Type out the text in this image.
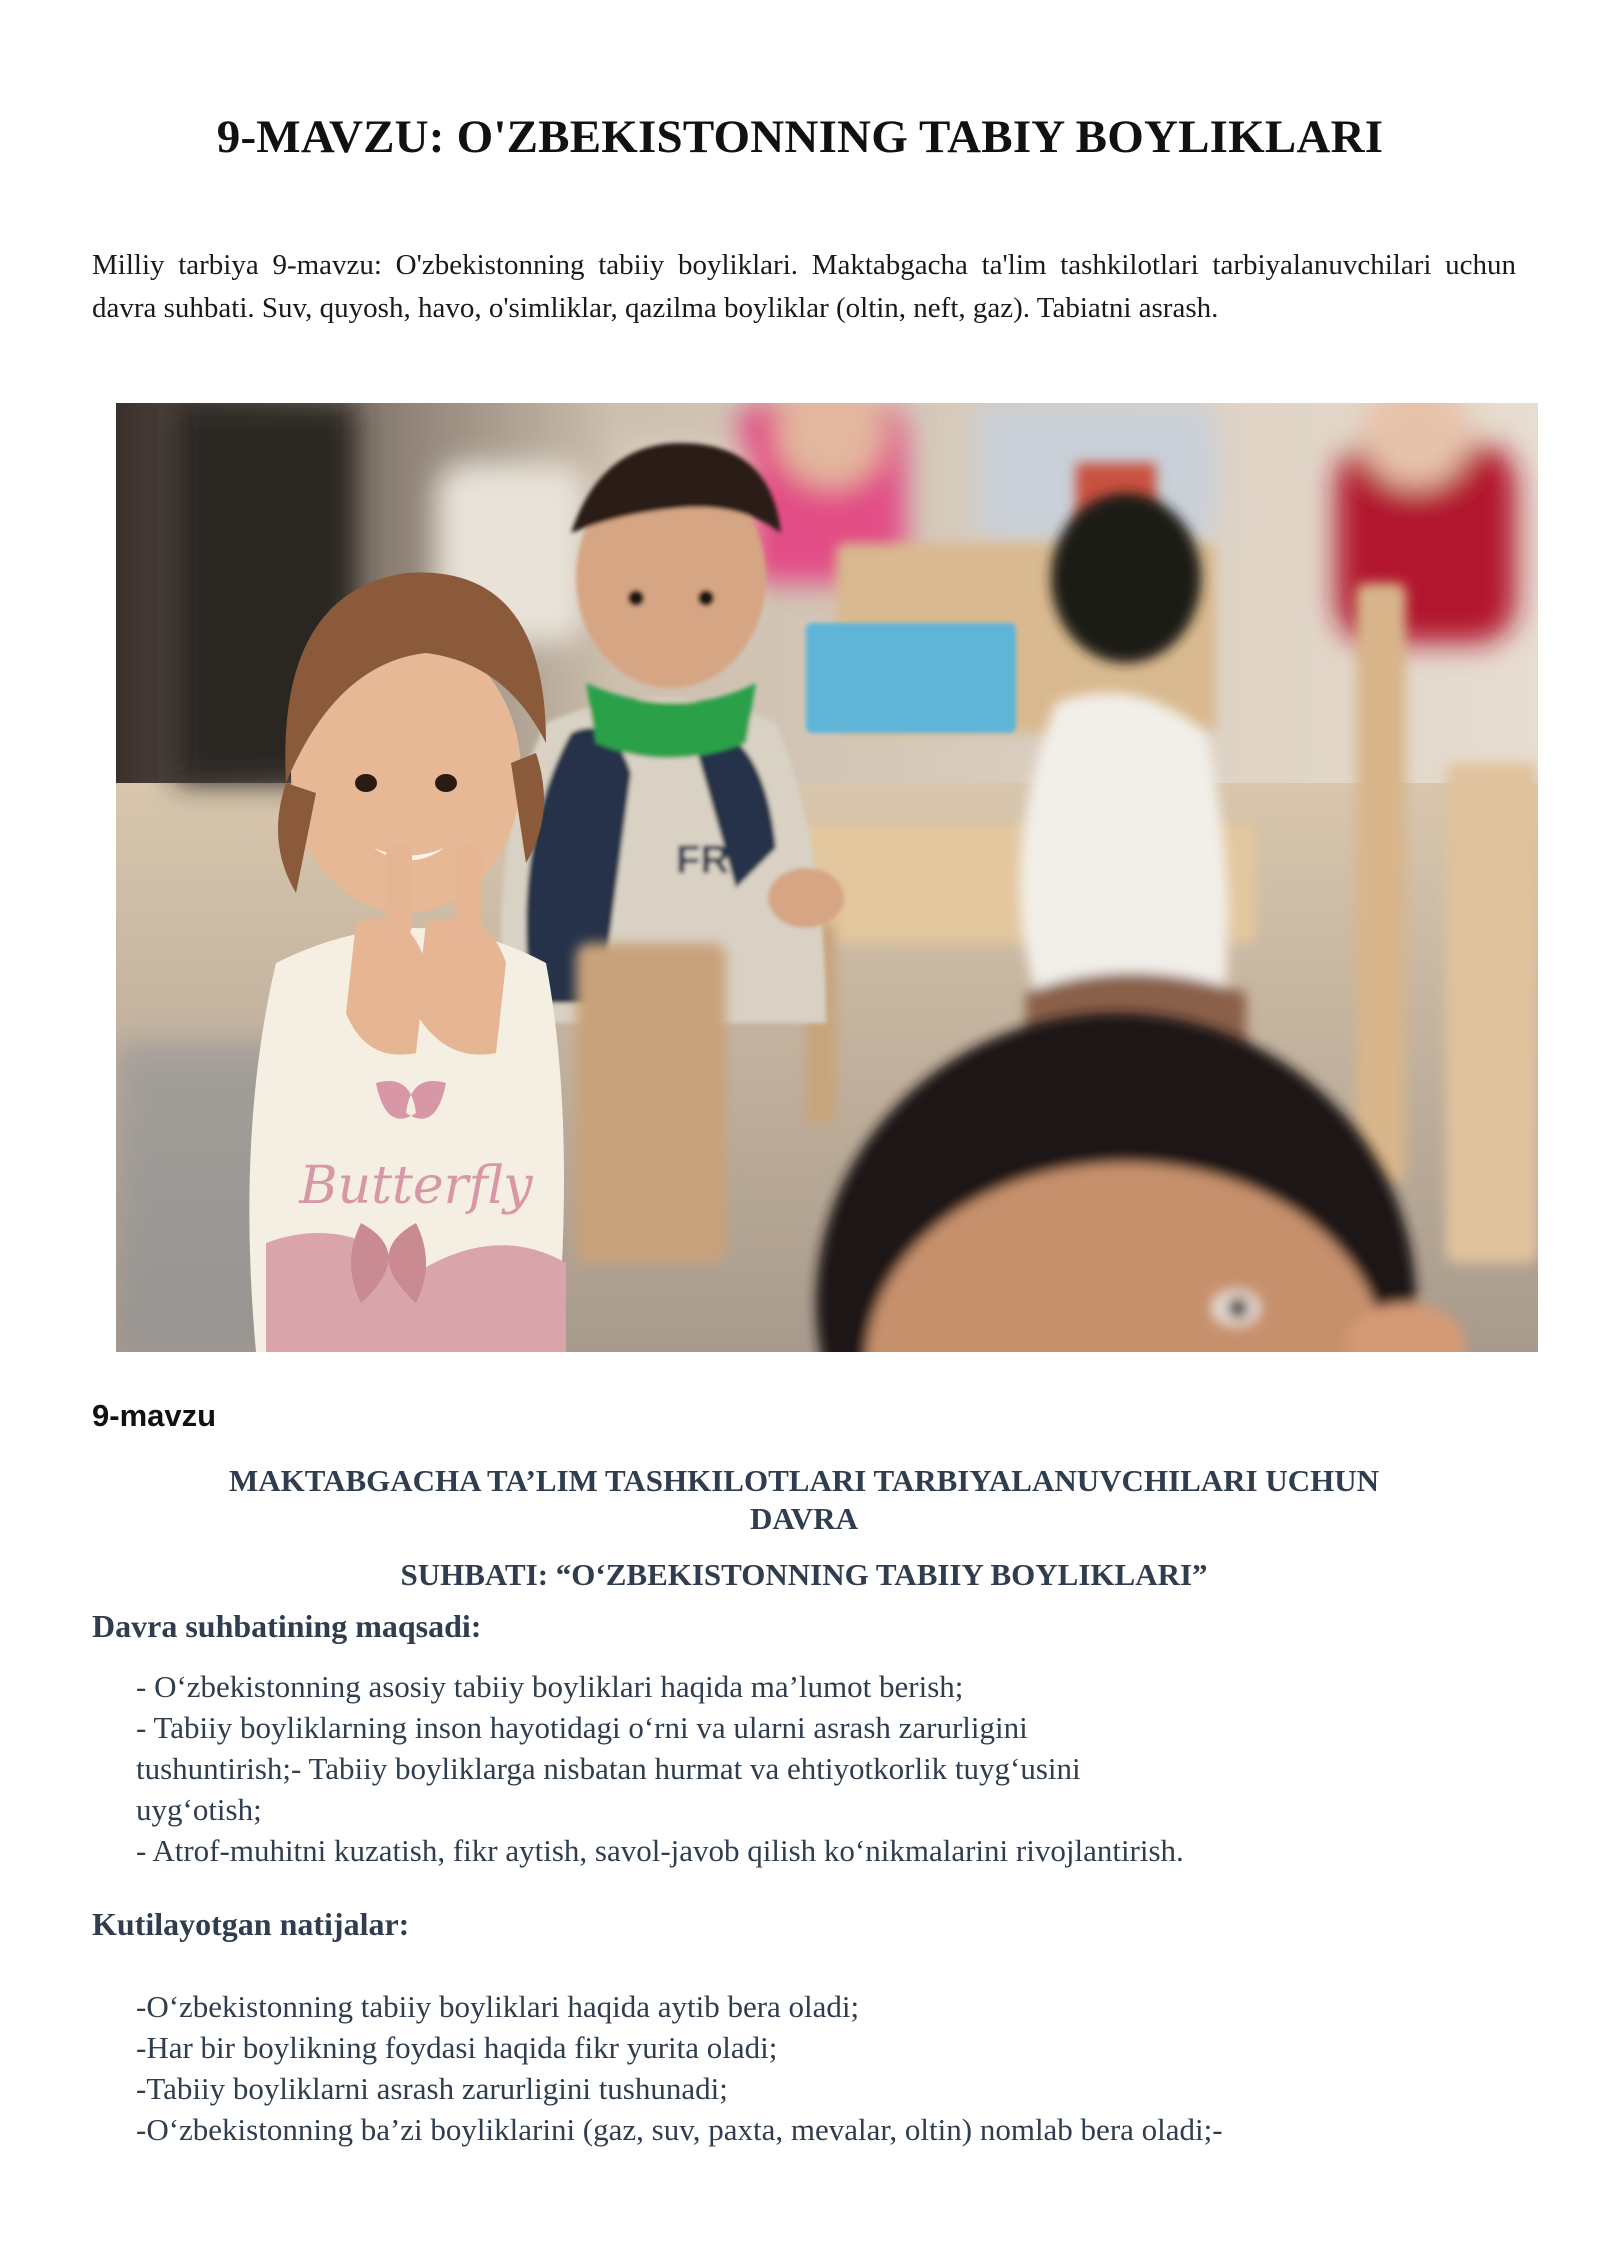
9-MAVZU: O'ZBEKISTONNING TABIY BOYLIKLARI
Milliy tarbiya 9-mavzu: O'zbekistonning tabiiy boyliklari. Maktabgacha ta'lim tashkilotlari tarbiyalanuvchilari uchun davra suhbati. Suv, quyosh, havo, o'simliklar, qazilma boyliklar (oltin, neft, gaz). Tabiatni asrash.
FR
Butterfly
9-mavzu
MAKTABGACHA TA’LIM TASHKILOTLARI TARBIYALANUVCHILARI UCHUN
DAVRA
SUHBATI: “O‘ZBEKISTONNING TABIIY BOYLIKLARI”
Davra suhbatining maqsadi:
- O‘zbekistonning asosiy tabiiy boyliklari haqida ma’lumot berish;
- Tabiiy boyliklarning inson hayotidagi o‘rni va ularni asrash zarurligini
tushuntirish;- Tabiiy boyliklarga nisbatan hurmat va ehtiyotkorlik tuyg‘usini
uyg‘otish;
- Atrof-muhitni kuzatish, fikr aytish, savol-javob qilish ko‘nikmalarini rivojlantirish.
Kutilayotgan natijalar:
-O‘zbekistonning tabiiy boyliklari haqida aytib bera oladi;
-Har bir boylikning foydasi haqida fikr yurita oladi;
-Tabiiy boyliklarni asrash zarurligini tushunadi;
-O‘zbekistonning ba’zi boyliklarini (gaz, suv, paxta, mevalar, oltin) nomlab bera oladi;-
